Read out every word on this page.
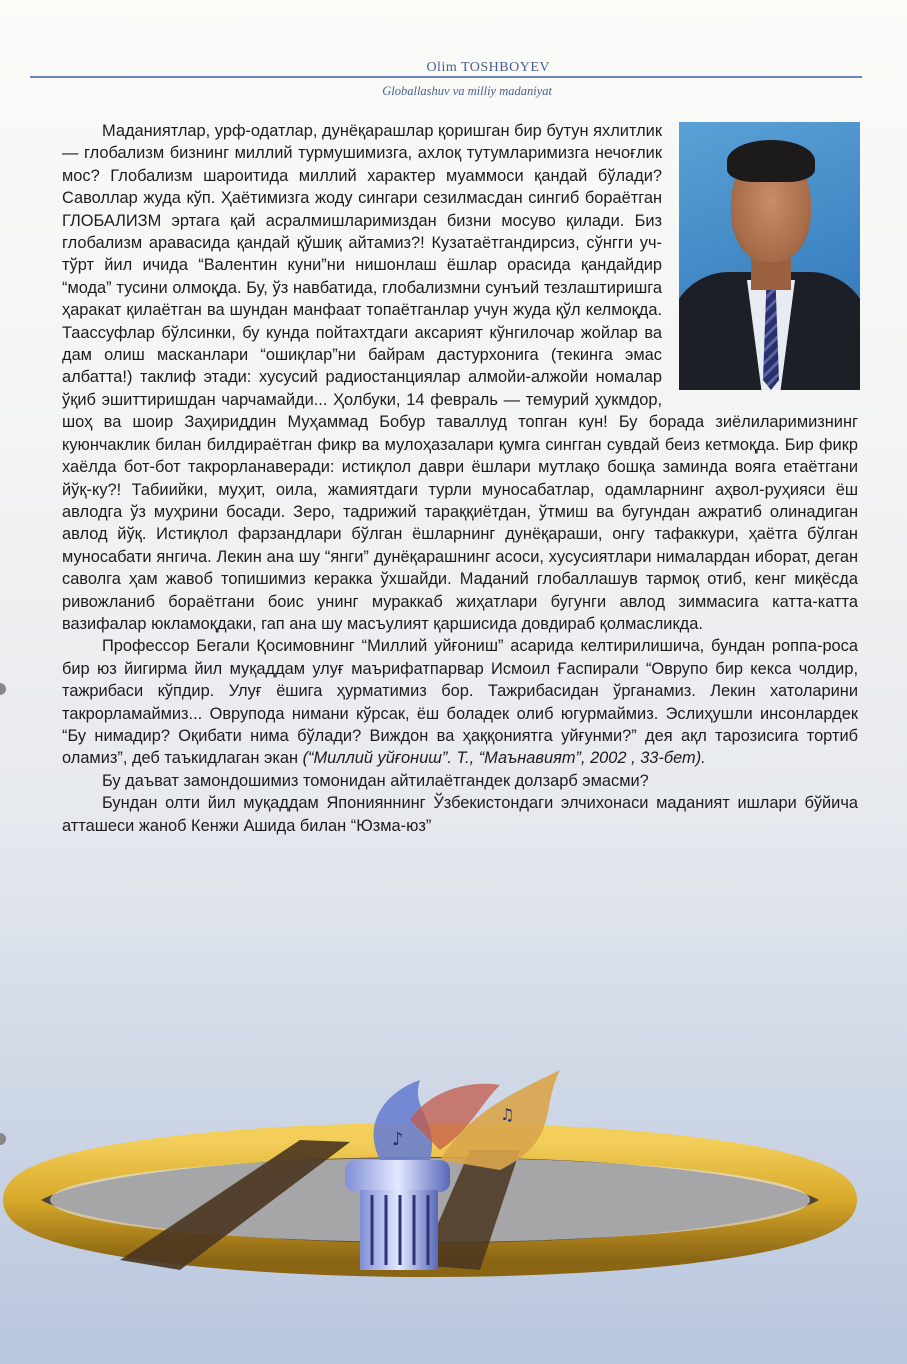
Olim TOSHBOYEV
Globallashuv va milliy madaniyat

Маданиятлар, урф-одатлар, дунёқарашлар қоришган бир бутун яхлитлик — глобализм бизнинг миллий турмушимизга, ахлоқ тутумларимизга нечоғлик мос? Глобализм шароитида миллий характер муаммоси қандай бўлади? Саволлар жуда кўп. Ҳаётимизга жоду сингари сезилмасдан сингиб бораётган ГЛОБАЛИЗМ эртага қай асралмишларимиздан бизни мосуво қилади. Биз глобализм аравасида қандай қўшиқ айтамиз?! Кузатаётгандирсиз, сўнгги уч-тўрт йил ичида “Валентин куни”ни нишонлаш ёшлар орасида қандайдир “мода” тусини олмоқда. Бу, ўз навбатида, глобализмни сунъий тезлаштиришга ҳаракат қилаётган ва шундан манфаат топаётганлар учун жуда қўл келмоқда. Таассуфлар бўлсинки, бу кунда пойтахтдаги аксарият кўнгилочар жойлар ва дам олиш масканлари “ошиқлар”ни байрам дастурхонига (текинга эмас албатта!) таклиф этади: хусусий радиостанциялар алмойи-алжойи номалар ўқиб эшиттиришдан чарчамайди... Ҳолбуки, 14 февраль — темурий ҳукмдор, шоҳ ва шоир Заҳириддин Муҳаммад Бобур таваллуд топган кун! Бу борада зиёлиларимизнинг куюнчаклик билан билдираётган фикр ва мулоҳазалари қумга сингган сувдай беиз кетмоқда. Бир фикр хаёлда бот-бот такрорланаверади: истиқлол даври ёшлари мутлақо бошқа заминда вояга етаётгани йўқ-ку?! Табиийки, муҳит, оила, жамиятдаги турли муносабатлар, одамларнинг аҳвол-руҳияси ёш авлодга ўз муҳрини босади. Зеро, тадрижий тараққиётдан, ўтмиш ва бугундан ажратиб олинадиган авлод йўқ. Истиқлол фарзандлари бўлган ёшларнинг дунёқараши, онгу тафаккури, ҳаётга бўлган муносабати янгича. Лекин ана шу “янги” дунёқарашнинг асоси, хусусиятлари нималардан иборат, деган саволга ҳам жавоб топишимиз керакка ўхшайди. Маданий глобаллашув тармоқ отиб, кенг миқёсда ривожланиб бораётгани боис унинг мураккаб жиҳатлари бугунги авлод зиммасига катта-катта вазифалар юкламоқдаки, гап ана шу масъулият қаршисида довдираб қолмасликда.

Профессор Бегали Қосимовнинг “Миллий уйғониш” асарида келтирилишича, бундан роппа-роса бир юз йигирма йил муқаддам улуғ маърифатпарвар Исмоил Ғаспирали “Оврупо бир кекса чолдир, тажрибаси кўпдир. Улуғ ёшига ҳурматимиз бор. Тажрибасидан ўрганамиз. Лекин хатоларини такрорламаймиз... Оврупода нимани кўрсак, ёш боладек олиб югурмаймиз. Эслиҳушли инсонлардек “Бу нимадир? Оқибати нима бўлади? Виждон ва ҳаққониятга уйғунми?” дея ақл тарозисига тортиб оламиз”, деб таъкидлаган экан (“Миллий уйғониш”. Т., “Маънавият”, 2002 , 33-бет).

Бу даъват замондошимиз томонидан айтилаётгандек долзарб эмасми?

Бундан олти йил муқаддам Японияннинг Ўзбекистондаги элчихонаси маданият ишлари бўйича атташеси жаноб Кенжи Ашида билан “Юзма-юз”

♪
♫
